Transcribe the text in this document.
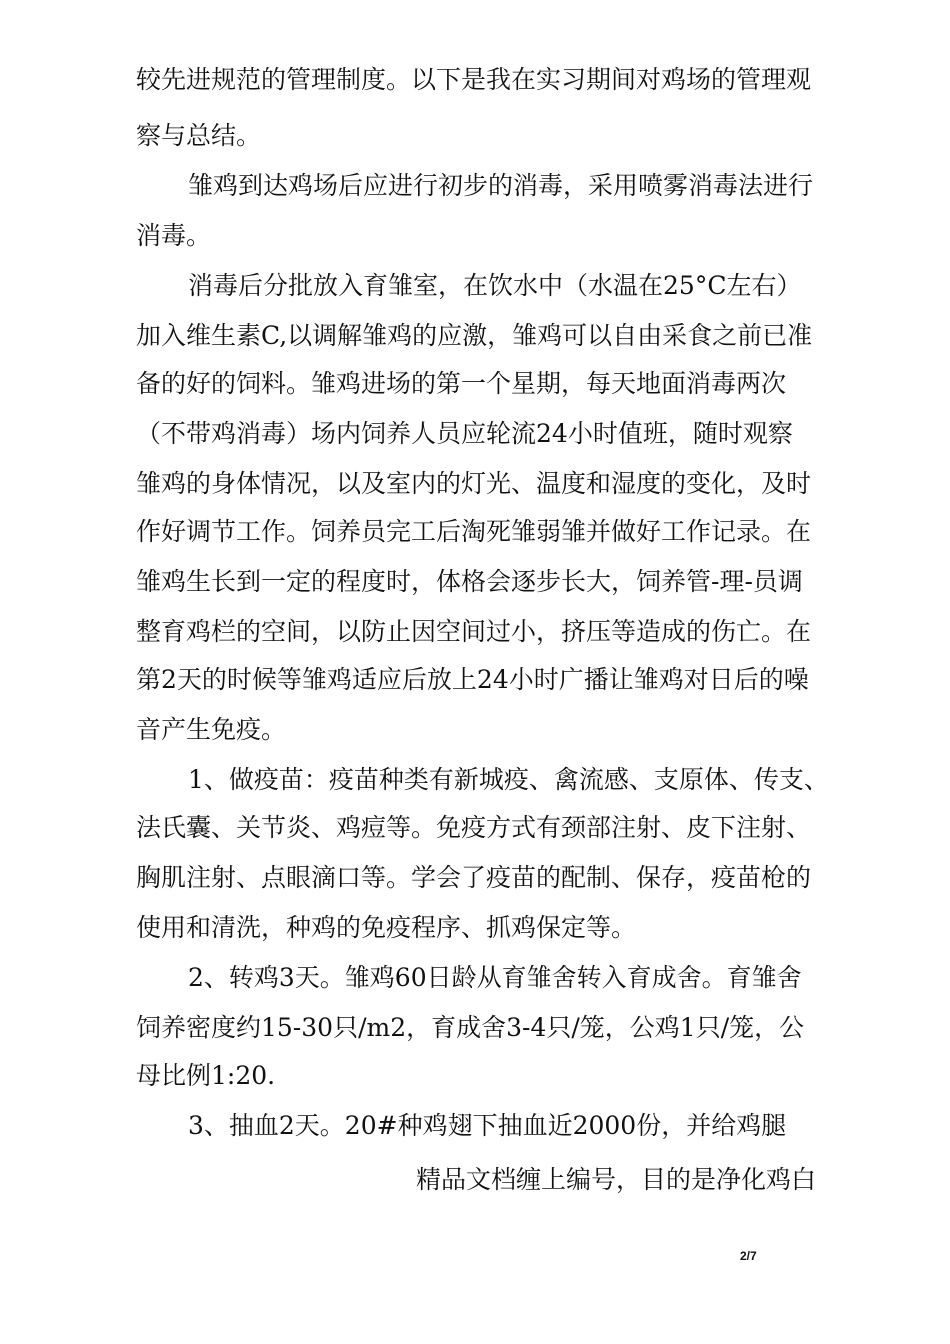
较先进规范的管理制度。以下是我在实习期间对鸡场的管理观
察与总结。
雏鸡到达鸡场后应进行初步的消毒，采用喷雾消毒法进行
消毒。
消毒后分批放入育雏室，在饮水中（水温在25°C左右）
加入维生素C,以调解雏鸡的应激，雏鸡可以自由采食之前已准
备的好的饲料。雏鸡进场的第一个星期，每天地面消毒两次
（不带鸡消毒）场内饲养人员应轮流24小时值班，随时观察
雏鸡的身体情况，以及室内的灯光、温度和湿度的变化，及时
作好调节工作。饲养员完工后淘死雏弱雏并做好工作记录。在
雏鸡生长到一定的程度时，体格会逐步长大，饲养管-理-员调
整育鸡栏的空间，以防止因空间过小，挤压等造成的伤亡。在
第2天的时候等雏鸡适应后放上24小时广播让雏鸡对日后的噪
音产生免疫。
1、做疫苗：疫苗种类有新城疫、禽流感、支原体、传支、
法氏囊、关节炎、鸡痘等。免疫方式有颈部注射、皮下注射、
胸肌注射、点眼滴口等。学会了疫苗的配制、保存，疫苗枪的
使用和清洗，种鸡的免疫程序、抓鸡保定等。
2、转鸡3天。雏鸡60日龄从育雏舍转入育成舍。育雏舍
饲养密度约15-30只/m2，育成舍3-4只/笼，公鸡1只/笼，公
母比例1:20.
3、抽血2天。20#种鸡翅下抽血近2000份，并给鸡腿
精品文档缠上编号，目的是净化鸡白
2/7
